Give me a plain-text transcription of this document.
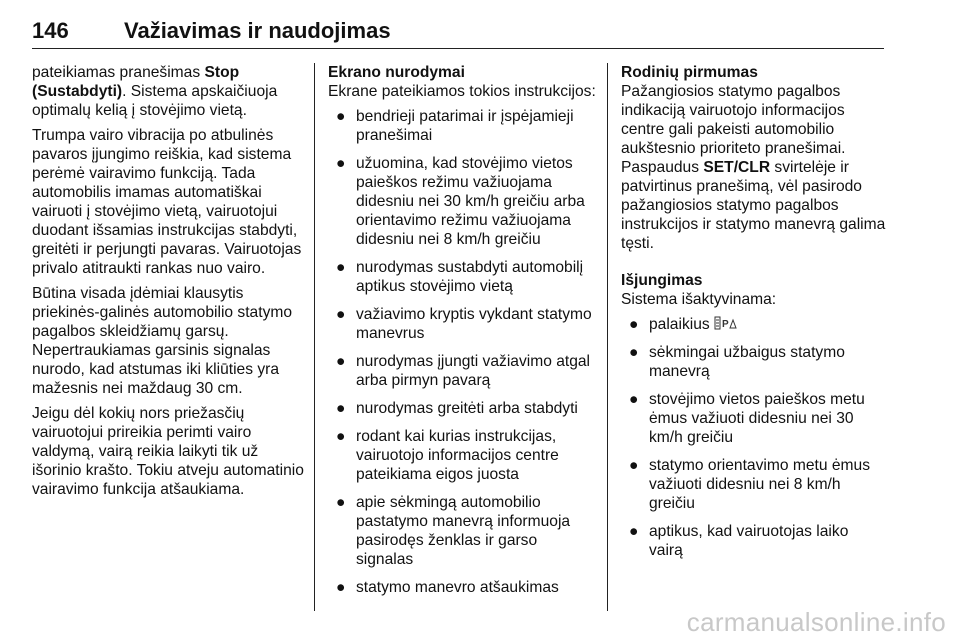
146	Važiavimas ir naudojimas

pateikiamas pranešimas Stop (Sustabdyti). Sistema apskaičiuoja optimalų kelią į stovėjimo vietą.

Trumpa vairo vibracija po atbulinės pavaros įjungimo reiškia, kad sistema perėmė vairavimo funkciją. Tada automobilis imamas automatiškai vairuoti į stovėjimo vietą, vairuotojui duodant išsamias instrukcijas stabdyti, greitėti ir perjungti pavaras. Vairuotojas privalo atitraukti rankas nuo vairo.

Būtina visada įdėmiai klausytis priekinės-galinės automobilio statymo pagalbos skleidžiamų garsų. Nepertraukiamas garsinis signalas nurodo, kad atstumas iki kliūties yra mažesnis nei maždaug 30 cm.

Jeigu dėl kokių nors priežasčių vairuotojui prireikia perimti vairo valdymą, vairą reikia laikyti tik už išorinio krašto. Tokiu atveju automatinio vairavimo funkcija atšaukiama.

Ekrano nurodymai
Ekrane pateikiamos tokios instrukcijos:
● bendrieji patarimai ir įspėjamieji pranešimai
● užuomina, kad stovėjimo vietos paieškos režimu važiuojama didesniu nei 30 km/h greičiu arba orientavimo režimu važiuojama didesniu nei 8 km/h greičiu
● nurodymas sustabdyti automobilį aptikus stovėjimo vietą
● važiavimo kryptis vykdant statymo manevrus
● nurodymas įjungti važiavimo atgal arba pirmyn pavarą
● nurodymas greitėti arba stabdyti
● rodant kai kurias instrukcijas, vairuotojo informacijos centre pateikiama eigos juosta
● apie sėkmingą automobilio pastatymo manevrą informuoja pasirodęs ženklas ir garso signalas
● statymo manevro atšaukimas
Rodinių pirmumas

Pažangiosios statymo pagalbos indikaciją vairuotojo informacijos centre gali pakeisti automobilio aukštesnio prioriteto pranešimai. Paspaudus SET/CLR svirtelėje ir patvirtinus pranešimą, vėl pasirodo pažangiosios statymo pagalbos instrukcijos ir statymo manevrą galima tęsti.

Išjungimas
Sistema išaktyvinama:
● palaikius P
● sėkmingai užbaigus statymo manevrą
● stovėjimo vietos paieškos metu ėmus važiuoti didesniu nei 30 km/h greičiu
● statymo orientavimo metu ėmus važiuoti didesniu nei 8 km/h greičiu
● aptikus, kad vairuotojas laiko vairą
carmanualsonline.info
